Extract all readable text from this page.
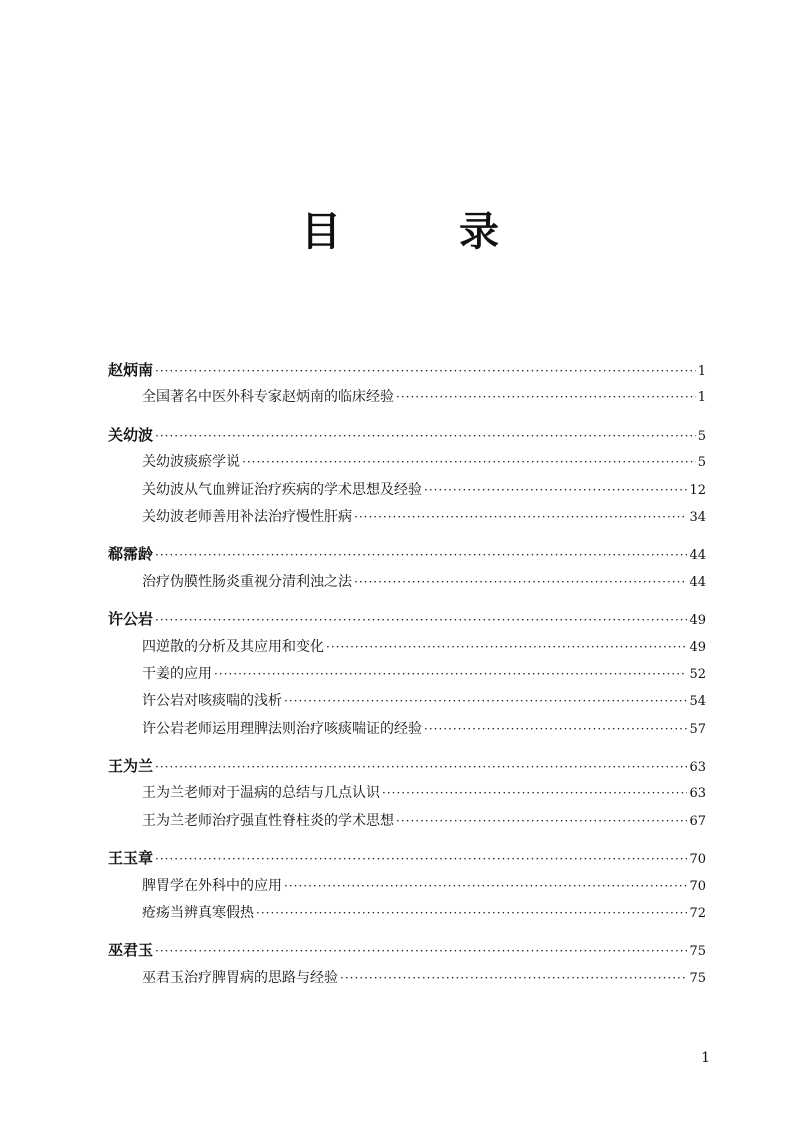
目 录
赵炳南 ·····	1
全国著名中医外科专家赵炳南的临床经验 ·····	1
关幼波 ·····	5
关幼波痰瘀学说 ·····	5
关幼波从气血辨证治疗疾病的学术思想及经验 ·····	12
关幼波老师善用补法治疗慢性肝病 ·····	34
郗霈龄 ·····	44
治疗伪膜性肠炎重视分清利浊之法 ·····	44
许公岩 ·····	49
四逆散的分析及其应用和变化 ·····	49
干姜的应用 ·····	52
许公岩对咳痰喘的浅析 ·····	54
许公岩老师运用理脾法则治疗咳痰喘证的经验 ·····	57
王为兰 ·····	63
王为兰老师对于温病的总结与几点认识 ·····	63
王为兰老师治疗强直性脊柱炎的学术思想 ·····	67
王玉章 ·····	70
脾胃学在外科中的应用 ·····	70
疮疡当辨真寒假热 ·····	72
巫君玉 ·····	75
巫君玉治疗脾胃病的思路与经验 ·····	75
1
